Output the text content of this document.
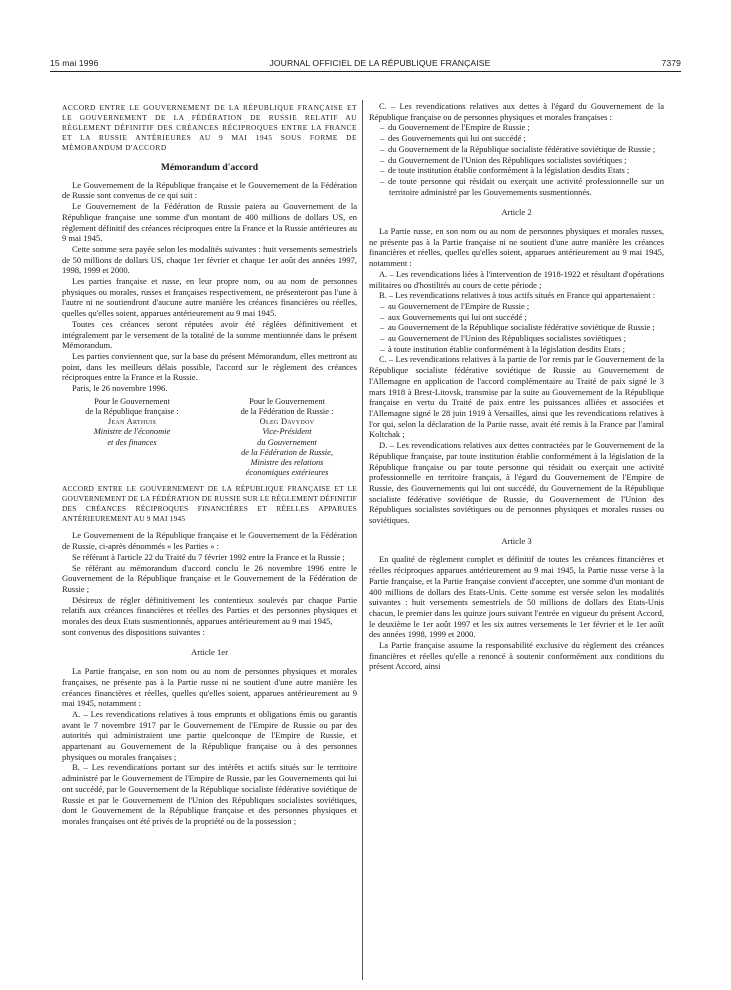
15 mai 1996	JOURNAL OFFICIEL DE LA RÉPUBLIQUE FRANÇAISE	7379

ACCORD ENTRE LE GOUVERNEMENT DE LA RÉPUBLIQUE FRANÇAISE ET LE GOUVERNEMENT DE LA FÉDÉRATION DE RUSSIE RELATIF AU RÈGLEMENT DÉFINITIF DES CRÉANCES RÉCIPROQUES ENTRE LA FRANCE ET LA RUSSIE ANTÉRIEURES AU 9 MAI 1945 SOUS FORME DE MÉMORANDUM D'ACCORD

Mémorandum d'accord

Le Gouvernement de la République française et le Gouvernement de la Fédération de Russie sont convenus de ce qui suit :

Le Gouvernement de la Fédération de Russie paiera au Gouvernement de la République française une somme d'un montant de 400 millions de dollars US, en règlement définitif des créances réciproques entre la France et la Russie antérieures au 9 mai 1945.

Cette somme sera payée selon les modalités suivantes : huit versements semestriels de 50 millions de dollars US, chaque 1er février et chaque 1er août des années 1997, 1998, 1999 et 2000.

Les parties française et russe, en leur propre nom, ou au nom de personnes physiques ou morales, russes et françaises respectivement, ne présenteront pas l'une à l'autre ni ne soutiendront d'aucune autre manière les créances financières ou réelles, quelles qu'elles soient, apparues antérieurement au 9 mai 1945.

Toutes ces créances seront réputées avoir été réglées définitivement et intégralement par le versement de la totalité de la somme mentionnée dans le présent Mémorandum.

Les parties conviennent que, sur la base du présent Mémorandum, elles mettront au point, dans les meilleurs délais possible, l'accord sur le règlement des créances réciproques entre la France et la Russie.

Paris, le 26 novembre 1996.

Pour le Gouvernement
de la République française :
Jean Arthuis
Ministre de l'économie
et des finances
Pour le Gouvernement
de la Fédération de Russie :
Oleg Davydov
Vice-Président
du Gouvernement
de la Fédération de Russie,
Ministre des relations
économiques extérieures

ACCORD ENTRE LE GOUVERNEMENT DE LA RÉPUBLIQUE FRANÇAISE ET LE GOUVERNEMENT DE LA FÉDÉRATION DE RUSSIE SUR LE RÈGLEMENT DÉFINITIF DES CRÉANCES RÉCIPROQUES FINANCIÈRES ET RÉELLES APPARUES ANTÉRIEUREMENT AU 9 MAI 1945

Le Gouvernement de la République française et le Gouvernement de la Fédération de Russie, ci-après dénommés « les Parties » :

Se référant à l'article 22 du Traité du 7 février 1992 entre la France et la Russie ;

Se référant au mémorandum d'accord conclu le 26 novembre 1996 entre le Gouvernement de la République française et le Gouvernement de la Fédération de Russie ;

Désireux de régler définitivement les contentieux soulevés par chaque Partie relatifs aux créances financières et réelles des Parties et des personnes physiques et morales des deux Etats susmentionnés, apparues antérieurement au 9 mai 1945,

sont convenus des dispositions suivantes :

Article 1er

La Partie française, en son nom ou au nom de personnes physiques et morales françaises, ne présente pas à la Partie russe ni ne soutient d'une autre manière les créances financières et réelles, quelles qu'elles soient, apparues antérieurement au 9 mai 1945, notamment :

A. – Les revendications relatives à tous emprunts et obligations émis ou garantis avant le 7 novembre 1917 par le Gouvernement de l'Empire de Russie ou par des autorités qui administraient une partie quelconque de l'Empire de Russie, et appartenant au Gouvernement de la République française ou à des personnes physiques ou morales françaises ;

B. – Les revendications portant sur des intérêts et actifs situés sur le territoire administré par le Gouvernement de l'Empire de Russie, par les Gouvernements qui lui ont succédé, par le Gouvernement de la République socialiste fédérative soviétique de Russie et par le Gouvernement de l'Union des Républiques socialistes soviétiques, dont le Gouvernement de la République française et des personnes physiques et morales françaises ont été privés de la propriété ou de la possession ;

C. – Les revendications relatives aux dettes à l'égard du Gouvernement de la République française ou de personnes physiques et morales françaises :

– du Gouvernement de l'Empire de Russie ;

– des Gouvernements qui lui ont succédé ;

– du Gouvernement de la République socialiste fédérative soviétique de Russie ;

– du Gouvernement de l'Union des Républiques socialistes soviétiques ;

– de toute institution établie conformément à la législation desdits Etats ;

– de toute personne qui résidait ou exerçait une activité professionnelle sur un territoire administré par les Gouvernements susmentionnés.

Article 2

La Partie russe, en son nom ou au nom de personnes physiques et morales russes, ne présente pas à la Partie française ni ne soutient d'une autre manière les créances financières et réelles, quelles qu'elles soient, apparues antérieurement au 9 mai 1945, notamment :

A. – Les revendications liées à l'intervention de 1918-1922 et résultant d'opérations militaires ou d'hostilités au cours de cette période ;

B. – Les revendications relatives à tous actifs situés en France qui appartenaient :

– au Gouvernement de l'Empire de Russie ;

– aux Gouvernements qui lui ont succédé ;

– au Gouvernement de la République socialiste fédérative soviétique de Russie ;

– au Gouvernement de l'Union des Républiques socialistes soviétiques ;

– à toute institution établie conformément à la législation desdits Etats ;

C. – Les revendications relatives à la partie de l'or remis par le Gouvernement de la République socialiste fédérative soviétique de Russie au Gouvernement de l'Allemagne en application de l'accord complémentaire au Traité de paix signé le 3 mars 1918 à Brest-Litovsk, transmise par la suite au Gouvernement de la République française en vertu du Traité de paix entre les puissances alliées et associées et l'Allemagne signé le 28 juin 1919 à Versailles, ainsi que les revendications relatives à l'or qui, selon la déclaration de la Partie russe, avait été remis à la France par l'amiral Koltchak ;

D. – Les revendications relatives aux dettes contractées par le Gouvernement de la République française, par toute institution établie conformément à la législation de la République française ou par toute personne qui résidait ou exerçait une activité professionnelle en territoire français, à l'égard du Gouvernement de l'Empire de Russie, des Gouvernements qui lui ont succédé, du Gouvernement de la République socialiste fédérative soviétique de Russie, du Gouvernement de l'Union des Républiques socialistes soviétiques ou de personnes physiques et morales russes ou soviétiques.

Article 3

En qualité de règlement complet et définitif de toutes les créances financières et réelles réciproques apparues antérieurement au 9 mai 1945, la Partie russe verse à la Partie française, et la Partie française convient d'accepter, une somme d'un montant de 400 millions de dollars des Etats-Unis. Cette somme est versée selon les modalités suivantes : huit versements semestriels de 50 millions de dollars des Etats-Unis chacun, le premier dans les quinze jours suivant l'entrée en vigueur du présent Accord, le deuxième le 1er août 1997 et les six autres versements le 1er février et le 1er août des années 1998, 1999 et 2000.

La Partie française assume la responsabilité exclusive du règlement des créances financières et réelles qu'elle a renoncé à soutenir conformément aux conditions du présent Accord, ainsi
